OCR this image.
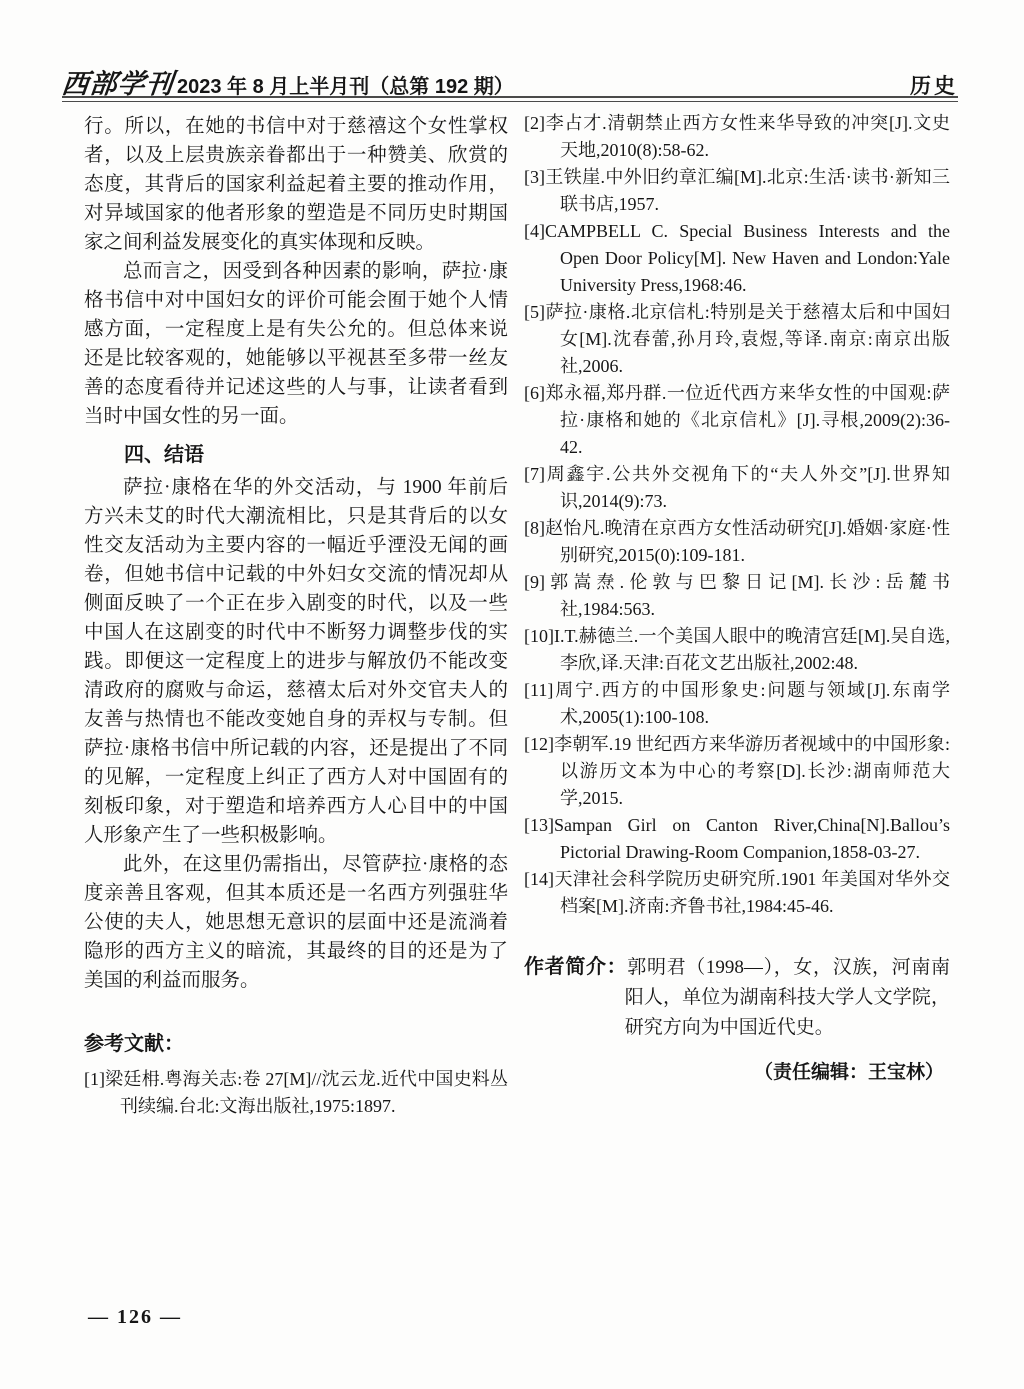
西部学刊 2023 年 8 月上半月刊（总第 192 期）	历史

行。所以，在她的书信中对于慈禧这个女性掌权者，以及上层贵族亲眷都出于一种赞美、欣赏的态度，其背后的国家利益起着主要的推动作用，对异域国家的他者形象的塑造是不同历史时期国家之间利益发展变化的真实体现和反映。

总而言之，因受到各种因素的影响，萨拉·康格书信中对中国妇女的评价可能会囿于她个人情感方面，一定程度上是有失公允的。但总体来说还是比较客观的，她能够以平视甚至多带一丝友善的态度看待并记述这些的人与事，让读者看到当时中国女性的另一面。

四、结语

萨拉·康格在华的外交活动，与 1900 年前后方兴未艾的时代大潮流相比，只是其背后的以女性交友活动为主要内容的一幅近乎湮没无闻的画卷，但她书信中记载的中外妇女交流的情况却从侧面反映了一个正在步入剧变的时代，以及一些中国人在这剧变的时代中不断努力调整步伐的实践。即便这一定程度上的进步与解放仍不能改变清政府的腐败与命运，慈禧太后对外交官夫人的友善与热情也不能改变她自身的弄权与专制。但萨拉·康格书信中所记载的内容，还是提出了不同的见解，一定程度上纠正了西方人对中国固有的刻板印象，对于塑造和培养西方人心目中的中国人形象产生了一些积极影响。

此外，在这里仍需指出，尽管萨拉·康格的态度亲善且客观，但其本质还是一名西方列强驻华公使的夫人，她思想无意识的层面中还是流淌着隐形的西方主义的暗流，其最终的目的还是为了美国的利益而服务。

参考文献：

[1]梁廷枏.粤海关志:卷 27[M]//沈云龙.近代中国史料丛刊续编.台北:文海出版社,1975:1897.

[2]李占才.清朝禁止西方女性来华导致的冲突[J].文史天地,2010(8):58-62.

[3]王铁崖.中外旧约章汇编[M].北京:生活·读书·新知三联书店,1957.

[4]CAMPBELL C. Special Business Interests and the Open Door Policy[M]. New Haven and London:Yale University Press,1968:46.

[5]萨拉·康格.北京信札:特别是关于慈禧太后和中国妇女[M].沈春蕾,孙月玲,袁煜,等译.南京:南京出版社,2006.

[6]郑永福,郑丹群.一位近代西方来华女性的中国观:萨拉·康格和她的《北京信札》[J].寻根,2009(2):36-42.

[7]周鑫宇.公共外交视角下的“夫人外交”[J].世界知识,2014(9):73.

[8]赵怡凡.晚清在京西方女性活动研究[J].婚姻·家庭·性别研究,2015(0):109-181.

[9]郭嵩焘.伦敦与巴黎日记[M].长沙:岳麓书社,1984:563.

[10]I.T.赫德兰.一个美国人眼中的晚清宫廷[M].吴自选,李欣,译.天津:百花文艺出版社,2002:48.

[11]周宁.西方的中国形象史:问题与领域[J].东南学术,2005(1):100-108.

[12]李朝军.19 世纪西方来华游历者视域中的中国形象:以游历文本为中心的考察[D].长沙:湖南师范大学,2015.

[13]Sampan Girl on Canton River,China[N].Ballou’s Pictorial Drawing-Room Companion,1858-03-27.

[14]天津社会科学院历史研究所.1901 年美国对华外交档案[M].济南:齐鲁书社,1984:45-46.

作者简介：郭明君（1998—），女，汉族，河南南阳人，单位为湖南科技大学人文学院，研究方向为中国近代史。
（责任编辑：王宝林）
— 126 —
